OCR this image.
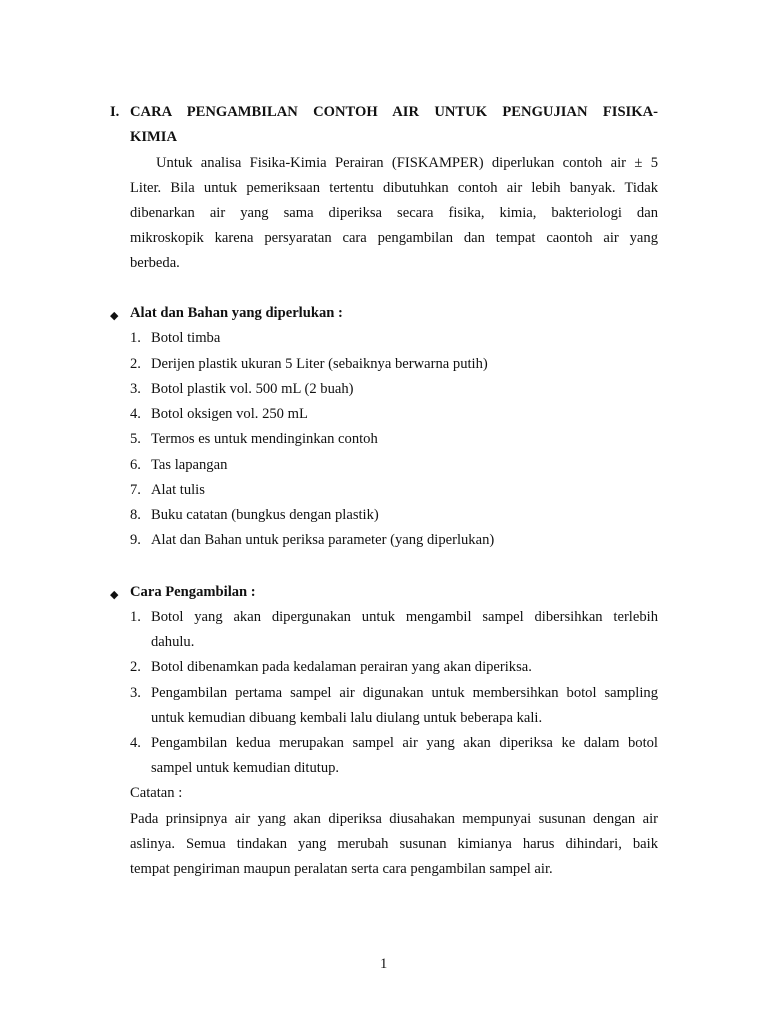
I. CARA PENGAMBILAN CONTOH AIR UNTUK PENGUJIAN FISIKA-
KIMIA
Untuk analisa Fisika-Kimia Perairan (FISKAMPER) diperlukan contoh air ± 5
Liter. Bila untuk pemeriksaan tertentu dibutuhkan contoh air lebih banyak. Tidak
dibenarkan air yang sama diperiksa secara fisika, kimia, bakteriologi dan
mikroskopik karena persyaratan cara pengambilan dan tempat caontoh air yang
berbeda.
◆ Alat dan Bahan yang diperlukan :
1. Botol timba
2. Derijen plastik ukuran 5 Liter (sebaiknya berwarna putih)
3. Botol plastik vol. 500 mL (2 buah)
4. Botol oksigen vol. 250 mL
5. Termos es untuk mendinginkan contoh
6. Tas lapangan
7. Alat tulis
8. Buku catatan (bungkus dengan plastik)
9. Alat dan Bahan untuk periksa parameter (yang diperlukan)
◆ Cara Pengambilan :
1. Botol yang akan dipergunakan untuk mengambil sampel dibersihkan terlebih
dahulu.
2. Botol dibenamkan pada kedalaman perairan yang akan diperiksa.
3. Pengambilan pertama sampel air digunakan untuk membersihkan botol sampling
untuk kemudian dibuang kembali lalu diulang untuk beberapa kali.
4. Pengambilan kedua merupakan sampel air yang akan diperiksa ke dalam botol
sampel untuk kemudian ditutup.
Catatan :
Pada prinsipnya air yang akan diperiksa diusahakan mempunyai susunan dengan air
aslinya. Semua tindakan yang merubah susunan kimianya harus dihindari, baik
tempat pengiriman maupun peralatan serta cara pengambilan sampel air.
1
